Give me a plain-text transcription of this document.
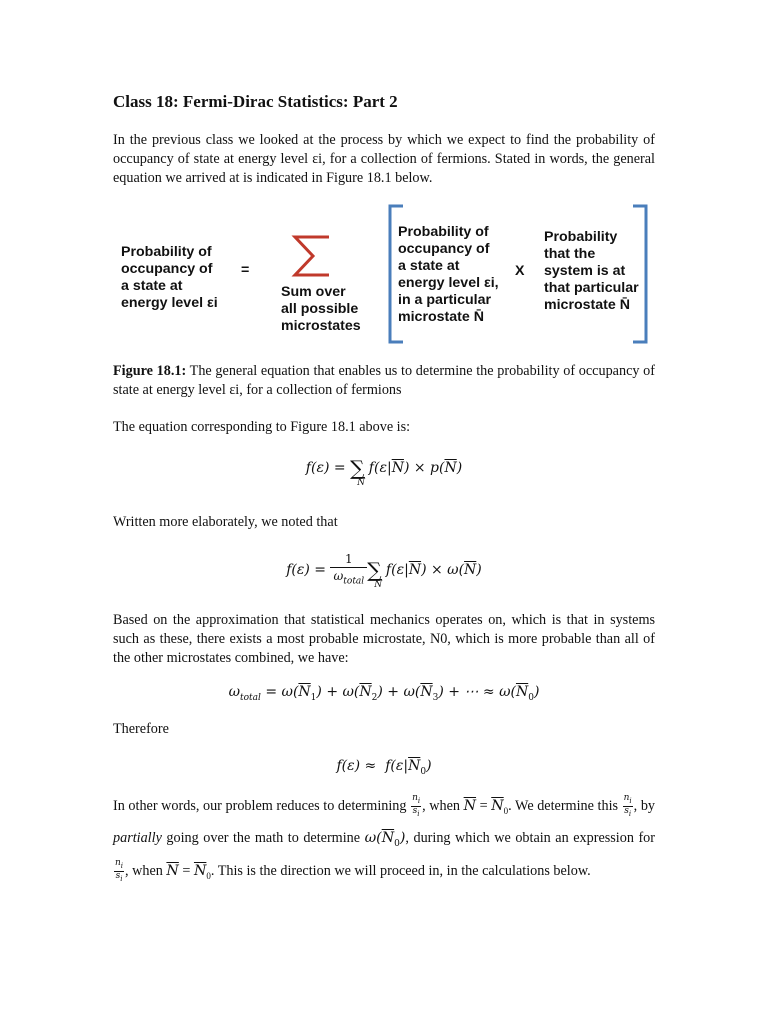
Class 18: Fermi-Dirac Statistics: Part 2

In the previous class we looked at the process by which we expect to find the probability of occupancy of state at energy level εi, for a collection of fermions. Stated in words, the general equation we arrived at is indicated in Figure 18.1 below.

Probability of
occupancy of
a state at
energy level εi
=
Sum over
all possible
microstates
Probability of
occupancy of
a state at
energy level εi,
in a particular
microstate N̄
X
Probability
that the
system is at
that particular
microstate N̄

Figure 18.1: The general equation that enables us to determine the probability of occupancy of state at energy level εi, for a collection of fermions

The equation corresponding to Figure 18.1 above is:

f(ε) = ∑
$\overline{N}$
$f(\varepsilon|\overline{N}) \times p(\overline{N})$

Written more elaborately, we noted that

f(ε) =
1
$\omega_{total}$ ∑
$\overline{N}$
$f(\varepsilon|\overline{N}) \times \omega(\overline{N})$

Based on the approximation that statistical mechanics operates on, which is that in systems such as these, there exists a most probable microstate, N0, which is more probable than all of the other microstates combined, we have:

$\omega_{total} = \omega(\overline{N}_1) + \omega(\overline{N}_2) + \omega(\overline{N}_3)$ + ⋯ ≈ $\omega(\overline{N}_0)$

Therefore

$f(\varepsilon) \approx f(\varepsilon|\overline{N}_0)$
In other words, our problem reduces to determining $\frac{n_i}{s_i}$ , when $\overline{N} = \overline{N}_0$. We determine this $\frac{n_i}{s_i}$ , by partially going over the math to determine $\omega(\overline{N}_0)$, during which we obtain an expression for
$\frac{n_i}{s_i}$ , when $\overline{N} = \overline{N}_0$. This is the direction we will proceed in, in the calculations below.
